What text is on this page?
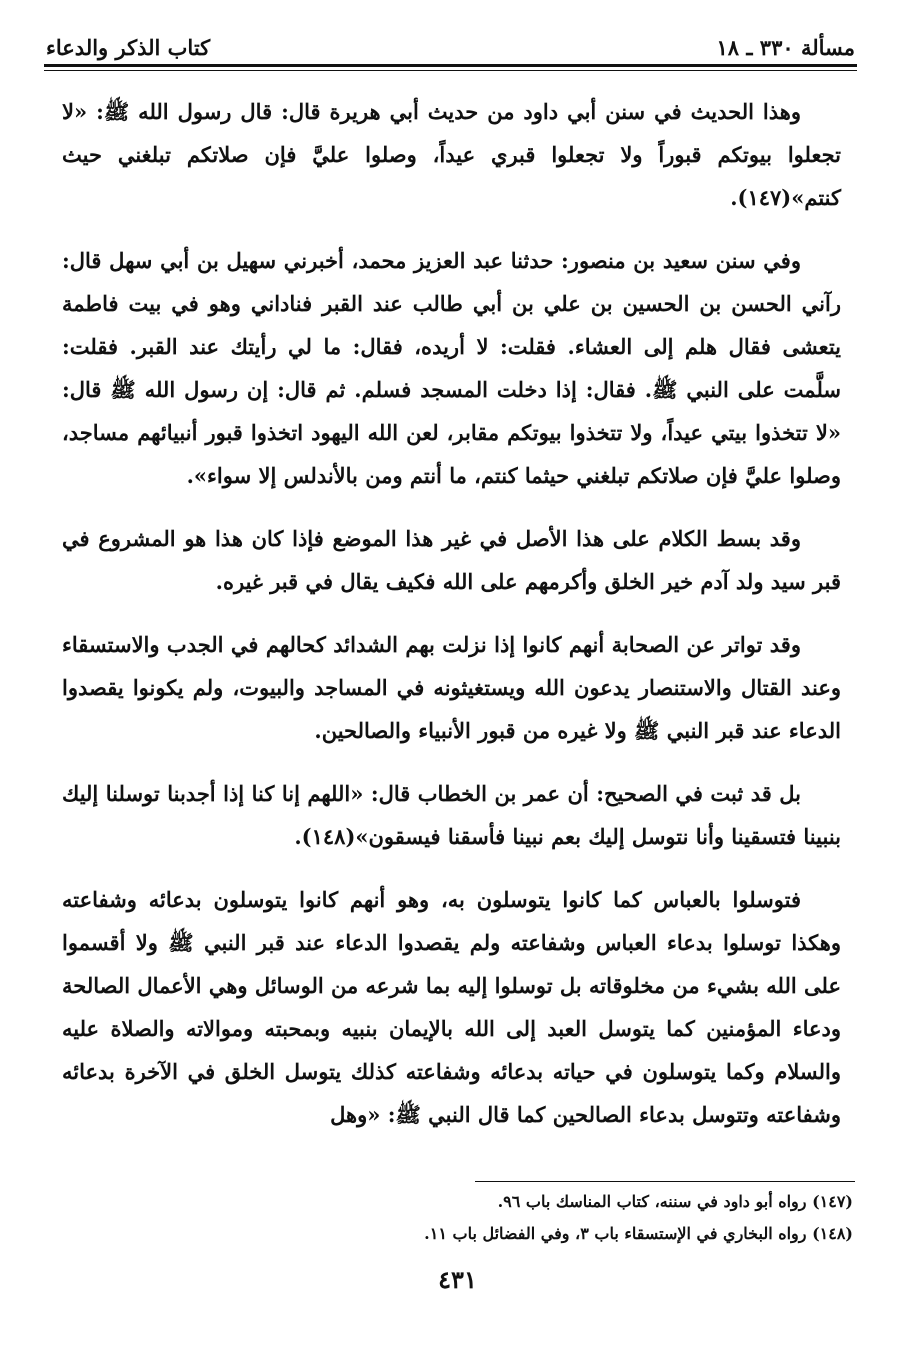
مسألة ٣٣٠ ـ ١٨
كتاب الذكر والدعاء

وهذا الحديث في سنن أبي داود من حديث أبي هريرة قال: قال رسول الله ﷺ: «لا تجعلوا بيوتكم قبوراً ولا تجعلوا قبري عيداً، وصلوا عليَّ فإن صلاتكم تبلغني حيث كنتم»(١٤٧).

وفي سنن سعيد بن منصور: حدثنا عبد العزيز محمد، أخبرني سهيل بن أبي سهل قال: رآني الحسن بن الحسين بن علي بن أبي طالب عند القبر فناداني وهو في بيت فاطمة يتعشى فقال هلم إلى العشاء. فقلت: لا أريده، فقال: ما لي رأيتك عند القبر. فقلت: سلَّمت على النبي ﷺ. فقال: إذا دخلت المسجد فسلم. ثم قال: إن رسول الله ﷺ قال: «لا تتخذوا بيتي عيداً، ولا تتخذوا بيوتكم مقابر، لعن الله اليهود اتخذوا قبور أنبيائهم مساجد، وصلوا عليَّ فإن صلاتكم تبلغني حيثما كنتم، ما أنتم ومن بالأندلس إلا سواء».

وقد بسط الكلام على هذا الأصل في غير هذا الموضع فإذا كان هذا هو المشروع في قبر سيد ولد آدم خير الخلق وأكرمهم على الله فكيف يقال في قبر غيره.

وقد تواتر عن الصحابة أنهم كانوا إذا نزلت بهم الشدائد كحالهم في الجدب والاستسقاء وعند القتال والاستنصار يدعون الله ويستغيثونه في المساجد والبيوت، ولم يكونوا يقصدوا الدعاء عند قبر النبي ﷺ ولا غيره من قبور الأنبياء والصالحين.

بل قد ثبت في الصحيح: أن عمر بن الخطاب قال: «اللهم إنا كنا إذا أجدبنا توسلنا إليك بنبينا فتسقينا وأنا نتوسل إليك بعم نبينا فأسقنا فيسقون»(١٤٨).

فتوسلوا بالعباس كما كانوا يتوسلون به، وهو أنهم كانوا يتوسلون بدعائه وشفاعته وهكذا توسلوا بدعاء العباس وشفاعته ولم يقصدوا الدعاء عند قبر النبي ﷺ ولا أقسموا على الله بشيء من مخلوقاته بل توسلوا إليه بما شرعه من الوسائل وهي الأعمال الصالحة ودعاء المؤمنين كما يتوسل العبد إلى الله بالإيمان بنبيه وبمحبته وموالاته والصلاة عليه والسلام وكما يتوسلون في حياته بدعائه وشفاعته كذلك يتوسل الخلق في الآخرة بدعائه وشفاعته وتتوسل بدعاء الصالحين كما قال النبي ﷺ: «وهل

(١٤٧) رواه أبو داود في سننه، كتاب المناسك باب ٩٦.
(١٤٨) رواه البخاري في الإستسقاء باب ٣، وفي الفضائل باب ١١.
٤٣١
